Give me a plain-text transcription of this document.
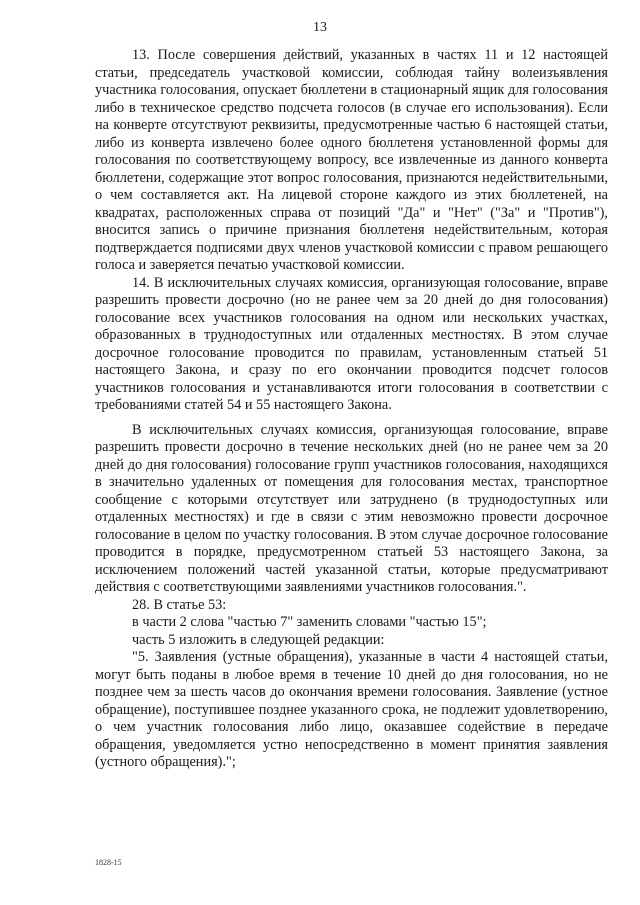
13

13. После совершения действий, указанных в частях 11 и 12 настоящей статьи, председатель участковой комиссии, соблюдая тайну волеизъявления участника голосования, опускает бюллетени в стационарный ящик для голосования либо в техническое средство подсчета голосов (в случае его использования). Если на конверте отсутствуют реквизиты, предусмотренные частью 6 настоящей статьи, либо из конверта извлечено более одного бюллетеня установленной формы для голосования по соответствующему вопросу, все извлеченные из данного конверта бюллетени, содержащие этот вопрос голосования, признаются недействительными, о чем составляется акт. На лицевой стороне каждого из этих бюллетеней, на квадратах, расположенных справа от позиций "Да" и "Нет" ("За" и "Против"), вносится запись о причине признания бюллетеня недействительным, которая подтверждается подписями двух членов участковой комиссии с правом решающего голоса и заверяется печатью участковой комиссии.

14. В исключительных случаях комиссия, организующая голосование, вправе разрешить провести досрочно (но не ранее чем за 20 дней до дня голосования) голосование всех участников голосования на одном или нескольких участках, образованных в труднодоступных или отдаленных местностях. В этом случае досрочное голосование проводится по правилам, установленным статьей 51 настоящего Закона, и сразу по его окончании проводится подсчет голосов участников голосования и устанавливаются итоги голосования в соответствии с требованиями статей 54 и 55 настоящего Закона.

В исключительных случаях комиссия, организующая голосование, вправе разрешить провести досрочно в течение нескольких дней (но не ранее чем за 20 дней до дня голосования) голосование групп участников голосования, находящихся в значительно удаленных от помещения для голосования местах, транспортное сообщение с которыми отсутствует или затруднено (в труднодоступных или отдаленных местностях) и где в связи с этим невозможно провести досрочное голосование в целом по участку голосования. В этом случае досрочное голосование проводится в порядке, предусмотренном статьей 53 настоящего Закона, за исключением положений частей указанной статьи, которые предусматривают действия с соответствующими заявлениями участников голосования.".

28. В статье 53:

в части 2 слова "частью 7" заменить словами "частью 15";

часть 5 изложить в следующей редакции:

"5. Заявления (устные обращения), указанные в части 4 настоящей статьи, могут быть поданы в любое время в течение 10 дней до дня голосования, но не позднее чем за шесть часов до окончания времени голосования. Заявление (устное обращение), поступившее позднее указанного срока, не подлежит удовлетворению, о чем участник голосования либо лицо, оказавшее содействие в передаче обращения, уведомляется устно непосредственно в момент принятия заявления (устного обращения).";

1828-15
